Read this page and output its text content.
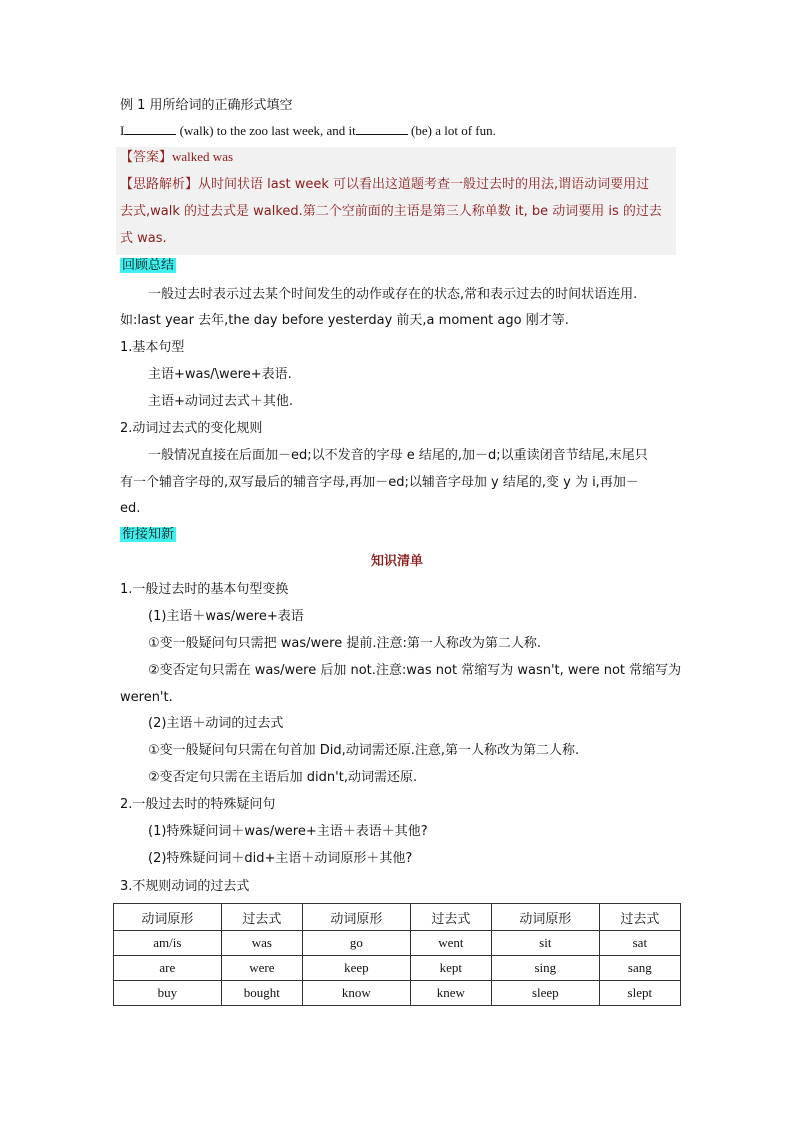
例 1 用所给词的正确形式填空
I	(walk) to the zoo last week, and it	(be) a lot of fun.
【答案】walked was
【思路解析】从时间状语 last week 可以看出这道题考查一般过去时的用法,谓语动词要用过
去式,walk 的过去式是 walked.第二个空前面的主语是第三人称单数 it, be 动词要用 is 的过去
式 was.
回顾总结
一般过去时表示过去某个时间发生的动作或存在的状态,常和表示过去的时间状语连用.
如:last year 去年,the day before yesterday 前天,a moment ago 刚才等.
1.基本句型
主语+was/\were+表语.
主语+动词过去式＋其他.
2.动词过去式的变化规则
一般情况直接在后面加－ed;以不发音的字母 e 结尾的,加－d;以重读闭音节结尾,末尾只
有一个辅音字母的,双写最后的辅音字母,再加－ed;以辅音字母加 y 结尾的,变 y 为 i,再加－
ed.
衔接知新
知识清单
1.一般过去时的基本句型变换
(1)主语＋was/were+表语
①变一般疑问句只需把 was/were 提前.注意:第一人称改为第二人称.
②变否定句只需在 was/were 后加 not.注意:was not 常缩写为 wasn't, were not 常缩写为
weren't.
(2)主语＋动词的过去式
①变一般疑问句只需在句首加 Did,动词需还原.注意,第一人称改为第二人称.
②变否定句只需在主语后加 didn't,动词需还原.
2.一般过去时的特殊疑问句
(1)特殊疑问词＋was/were+主语＋表语＋其他?
(2)特殊疑问词＋did+主语＋动词原形＋其他?
3.不规则动词的过去式
动词原形	过去式	动词原形	过去式	动词原形	过去式
am/is	was	go	went	sit	sat
are	were	keep	kept	sing	sang
buy	bought	know	knew	sleep	slept
